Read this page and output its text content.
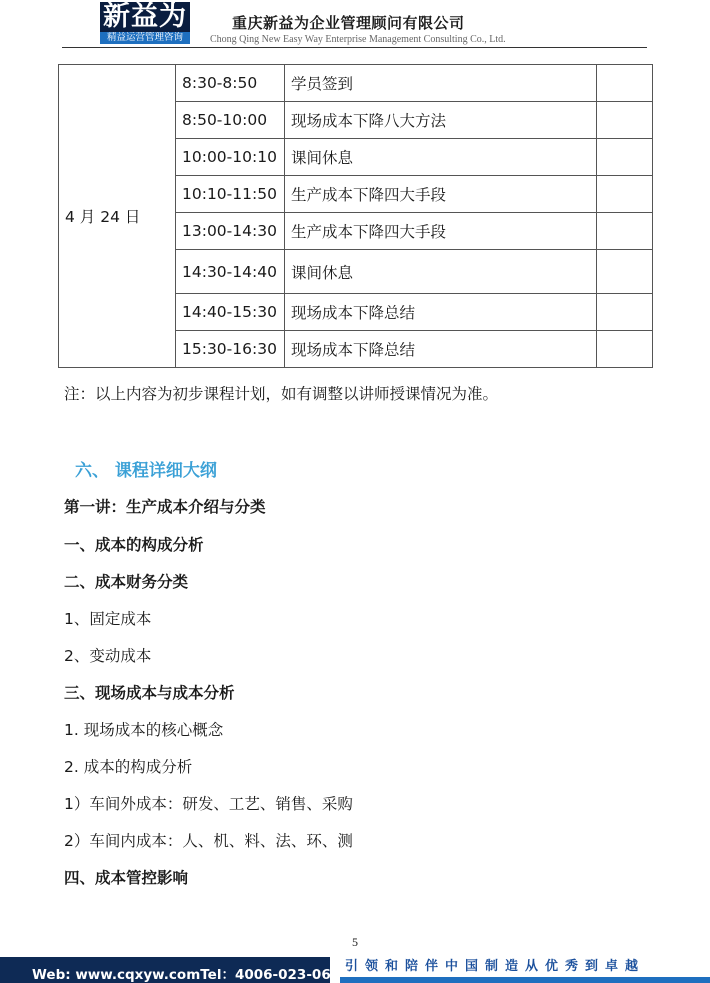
新益为
精益运营管理咨询
重庆新益为企业管理顾问有限公司
Chong Qing New Easy Way Enterprise Management Consulting Co., Ltd.
4 月 24 日	8:30-8:50	学员签到	
	8:50-10:00	现场成本下降八大方法	
	10:00-10:10	课间休息	
	10:10-11:50	生产成本下降四大手段	
	13:00-14:30	生产成本下降四大手段	
	14:30-14:40	课间休息	
	14:40-15:30	现场成本下降总结	
	15:30-16:30	现场成本下降总结	
注：以上内容为初步课程计划，如有调整以讲师授课情况为准。
六、 课程详细大纲
第一讲：生产成本介绍与分类
一、成本的构成分析
二、成本财务分类
1、固定成本
2、变动成本
三、现场成本与成本分析
1. 现场成本的核心概念
2. 成本的构成分析
1）车间外成本：研发、工艺、销售、采购
2）车间内成本：人、机、料、法、环、测
四、成本管控影响
5
Web: www.cqxyw.comTel：4006-023-060
引领和陪伴中国制造从优秀到卓越
